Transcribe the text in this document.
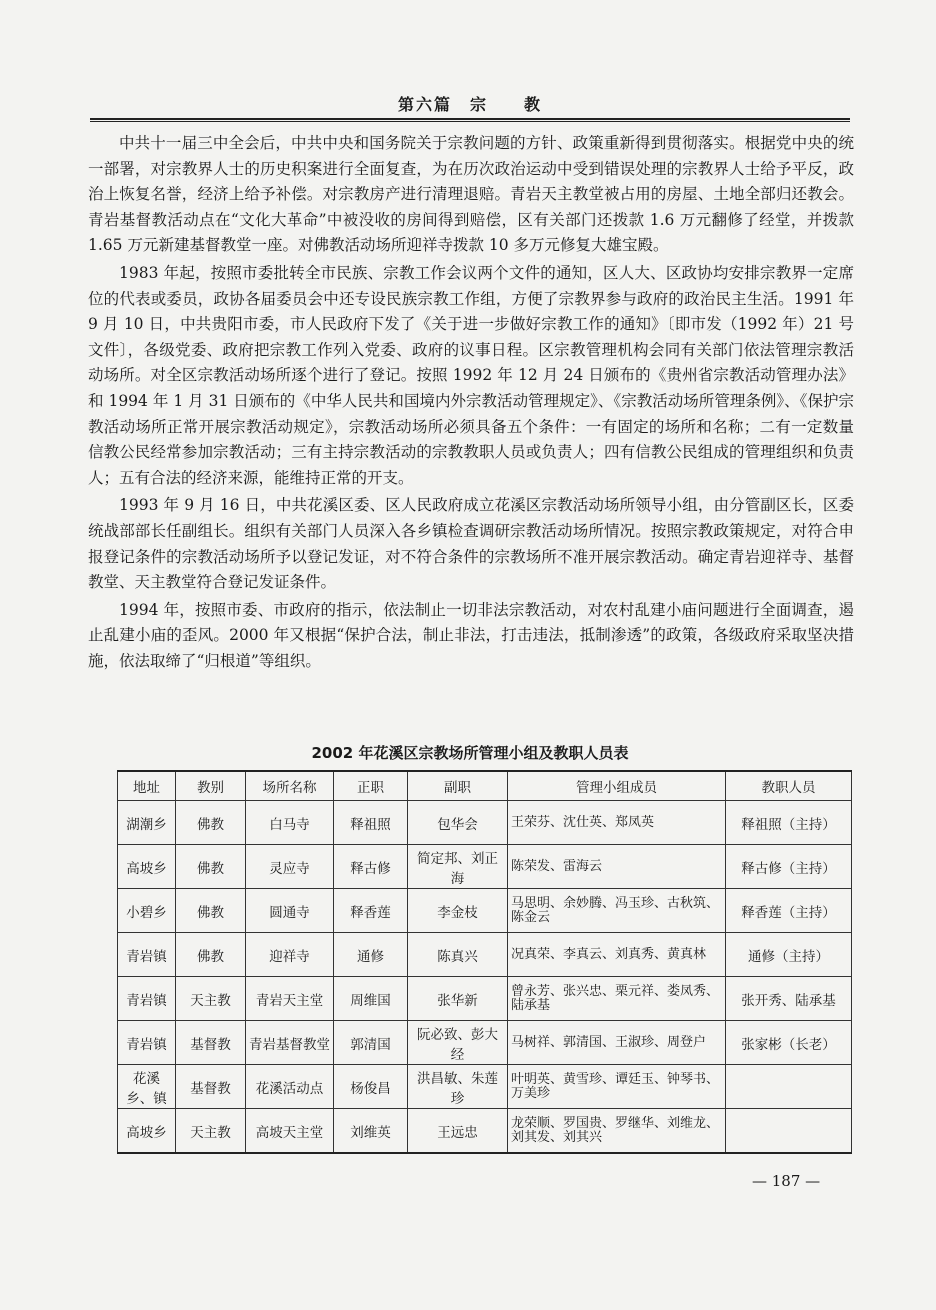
第六篇　宗　　教

中共十一届三中全会后，中共中央和国务院关于宗教问题的方针、政策重新得到贯彻落实。根据党中央的统一部署，对宗教界人士的历史积案进行全面复查，为在历次政治运动中受到错误处理的宗教界人士给予平反，政治上恢复名誉，经济上给予补偿。对宗教房产进行清理退赔。青岩天主教堂被占用的房屋、土地全部归还教会。青岩基督教活动点在“文化大革命”中被没收的房间得到赔偿，区有关部门还拨款 1.6 万元翻修了经堂，并拨款 1.65 万元新建基督教堂一座。对佛教活动场所迎祥寺拨款 10 多万元修复大雄宝殿。

1983 年起，按照市委批转全市民族、宗教工作会议两个文件的通知，区人大、区政协均安排宗教界一定席位的代表或委员，政协各届委员会中还专设民族宗教工作组，方便了宗教界参与政府的政治民主生活。1991 年 9 月 10 日，中共贵阳市委，市人民政府下发了《关于进一步做好宗教工作的通知》〔即市发（1992 年）21 号文件〕，各级党委、政府把宗教工作列入党委、政府的议事日程。区宗教管理机构会同有关部门依法管理宗教活动场所。对全区宗教活动场所逐个进行了登记。按照 1992 年 12 月 24 日颁布的《贵州省宗教活动管理办法》和 1994 年 1 月 31 日颁布的《中华人民共和国境内外宗教活动管理规定》、《宗教活动场所管理条例》、《保护宗教活动场所正常开展宗教活动规定》，宗教活动场所必须具备五个条件：一有固定的场所和名称；二有一定数量信教公民经常参加宗教活动；三有主持宗教活动的宗教教职人员或负责人；四有信教公民组成的管理组织和负责人；五有合法的经济来源，能维持正常的开支。

1993 年 9 月 16 日，中共花溪区委、区人民政府成立花溪区宗教活动场所领导小组，由分管副区长，区委统战部部长任副组长。组织有关部门人员深入各乡镇检查调研宗教活动场所情况。按照宗教政策规定，对符合申报登记条件的宗教活动场所予以登记发证，对不符合条件的宗教场所不准开展宗教活动。确定青岩迎祥寺、基督教堂、天主教堂符合登记发证条件。

1994 年，按照市委、市政府的指示，依法制止一切非法宗教活动，对农村乱建小庙问题进行全面调查，遏止乱建小庙的歪风。2000 年又根据“保护合法，制止非法，打击违法，抵制渗透”的政策，各级政府采取坚决措施，依法取缔了“归根道”等组织。

2002 年花溪区宗教场所管理小组及教职人员表
地址	教别	场所名称	正职	副职	管理小组成员	教职人员
湖潮乡	佛教	白马寺	释祖照	包华会	王荣芬、沈仕英、郑凤英	释祖照（主持）
高坡乡	佛教	灵应寺	释古修	简定邦、刘正海	陈荣发、雷海云	释古修（主持）
小碧乡	佛教	圆通寺	释香莲	李金枝	马思明、余妙腾、冯玉珍、古秋筑、陈金云	释香莲（主持）
青岩镇	佛教	迎祥寺	通修	陈真兴	况真荣、李真云、刘真秀、黄真林	通修（主持）
青岩镇	天主教	青岩天主堂	周维国	张华新	曾永芳、张兴忠、栗元祥、娄凤秀、陆承基	张开秀、陆承基
青岩镇	基督教	青岩基督教堂	郭清国	阮必致、彭大经	马树祥、郭清国、王淑珍、周登户	张家彬（长老）
花溪乡、镇	基督教	花溪活动点	杨俊昌	洪昌敏、朱莲珍	叶明英、黄雪珍、谭廷玉、钟琴书、万美珍	
高坡乡	天主教	高坡天主堂	刘维英	王远忠	龙荣顺、罗国贵、罗继华、刘维龙、刘其发、刘其兴	
— 187 —
